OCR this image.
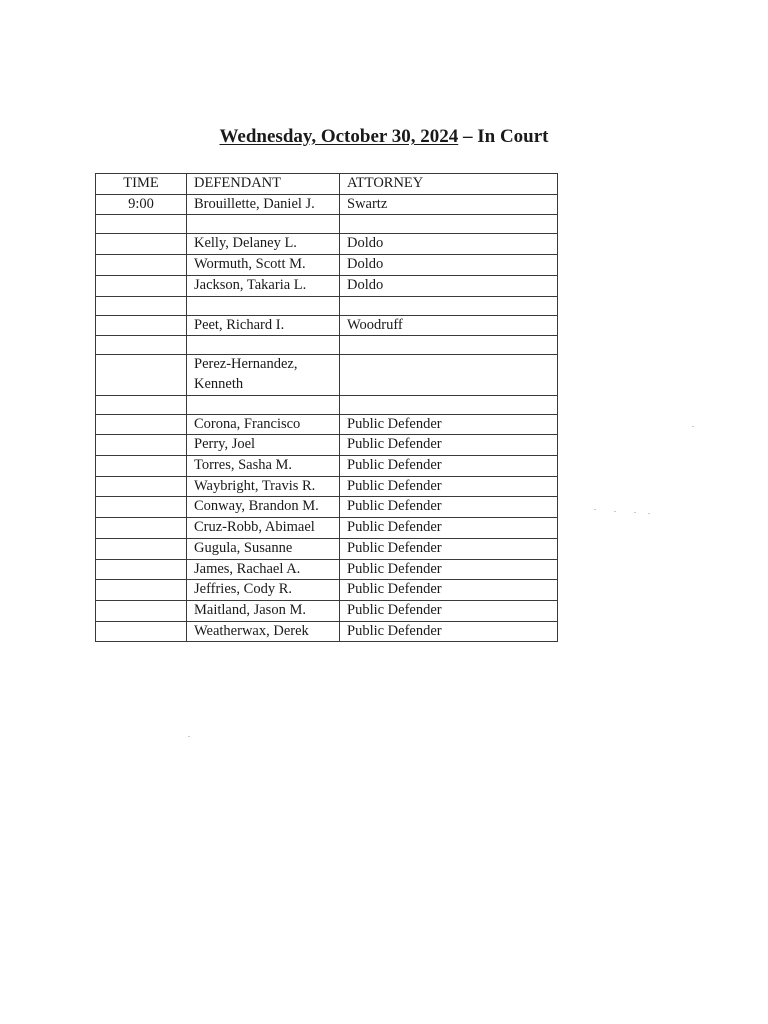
Wednesday, October 30, 2024 – In Court
TIME	DEFENDANT	ATTORNEY
9:00	Brouillette, Daniel J.	Swartz

	Kelly, Delaney L.	Doldo
	Wormuth, Scott M.	Doldo
	Jackson, Takaria L.	Doldo

	Peet, Richard I.	Woodruff

	Perez-Hernandez, Kenneth	

	Corona, Francisco	Public Defender
	Perry, Joel	Public Defender
	Torres, Sasha M.	Public Defender
	Waybright, Travis R.	Public Defender
	Conway, Brandon M.	Public Defender
	Cruz-Robb, Abimael	Public Defender
	Gugula, Susanne	Public Defender
	James, Rachael A.	Public Defender
	Jeffries, Cody R.	Public Defender
	Maitland, Jason M.	Public Defender
	Weatherwax, Derek	Public Defender
